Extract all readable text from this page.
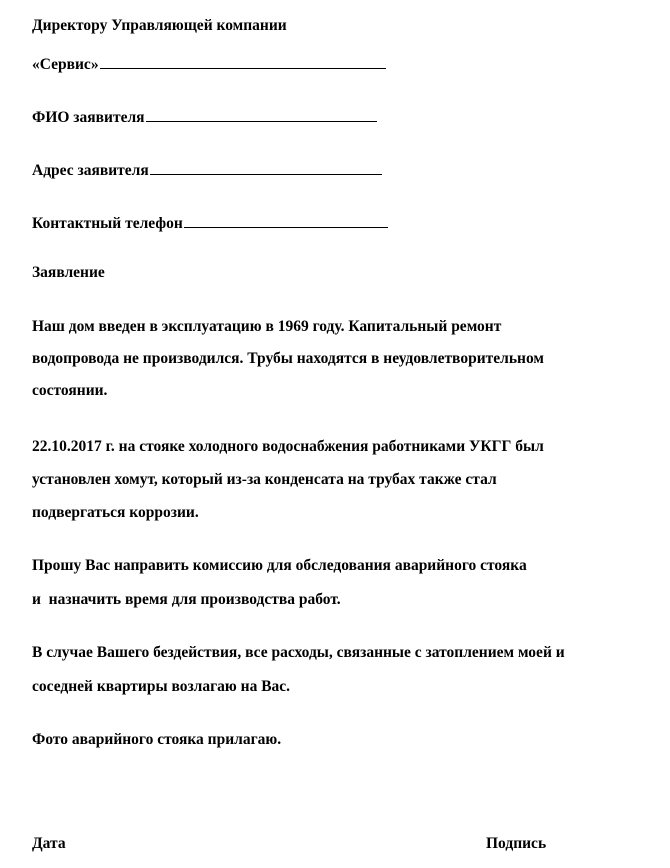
Директору Управляющей компании
«Сервис»
ФИО заявителя
Адрес заявителя
Контактный телефон
Заявление
Наш дом введен в эксплуатацию в 1969 году. Капитальный ремонт
водопровода не производился. Трубы находятся в неудовлетворительном
состоянии.
22.10.2017 г. на стояке холодного водоснабжения работниками УКГГ был
установлен хомут, который из-за конденсата на трубах также стал
подвергаться коррозии.
Прошу Вас направить комиссию для обследования аварийного стояка
и  назначить время для производства работ.
В случае Вашего бездействия, все расходы, связанные с затоплением моей и
соседней квартиры возлагаю на Вас.
Фото аварийного стояка прилагаю.
Дата	Подпись
